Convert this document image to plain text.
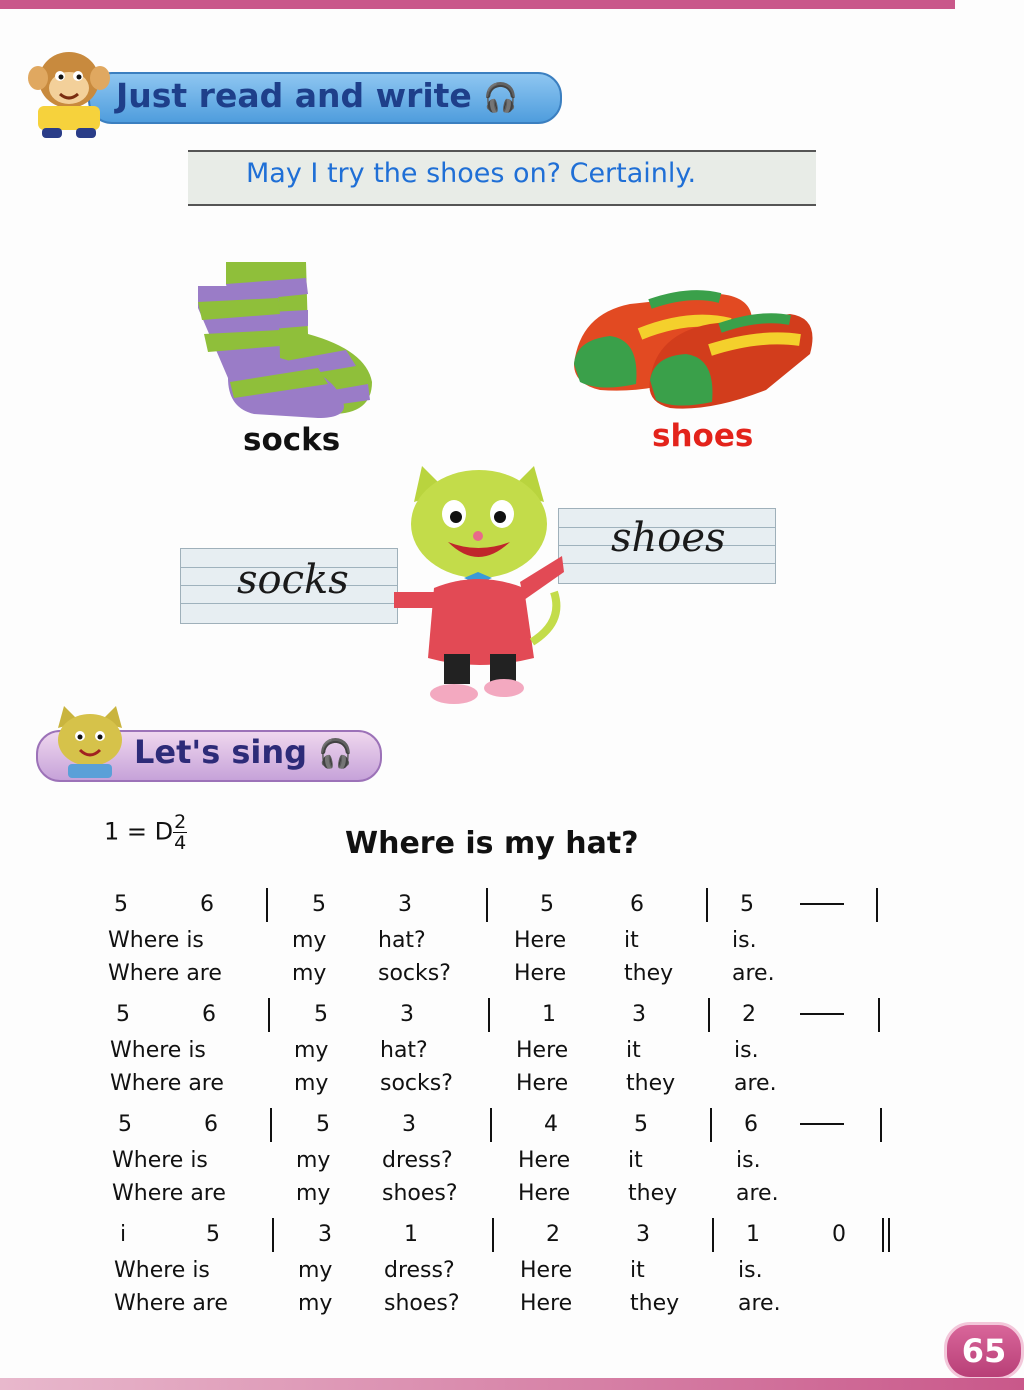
Just read and write 🎧
May I try the shoes on? Certainly.
socks	shoes
socks
shoes
Let's sing 🎧
1 = D $\frac{2}{4}$	Where is my hat?
5	6	5	3	5	6	5
Where is	my hat?	Here	it	is.
Where are	my socks?	Here	they	are.
5	6	5	3	1	3	2
Where is	my hat?	Here	it	is.
Where are	my socks?	Here	they	are.
5	6	5	3	4	5	6
Where is	my dress?	Here	it	is.
Where are	my shoes?	Here	they	are.
i	5	3	1	2	3	1	0
Where is	my dress?	Here	it	is.
Where are	my shoes?	Here	they	are.
65
